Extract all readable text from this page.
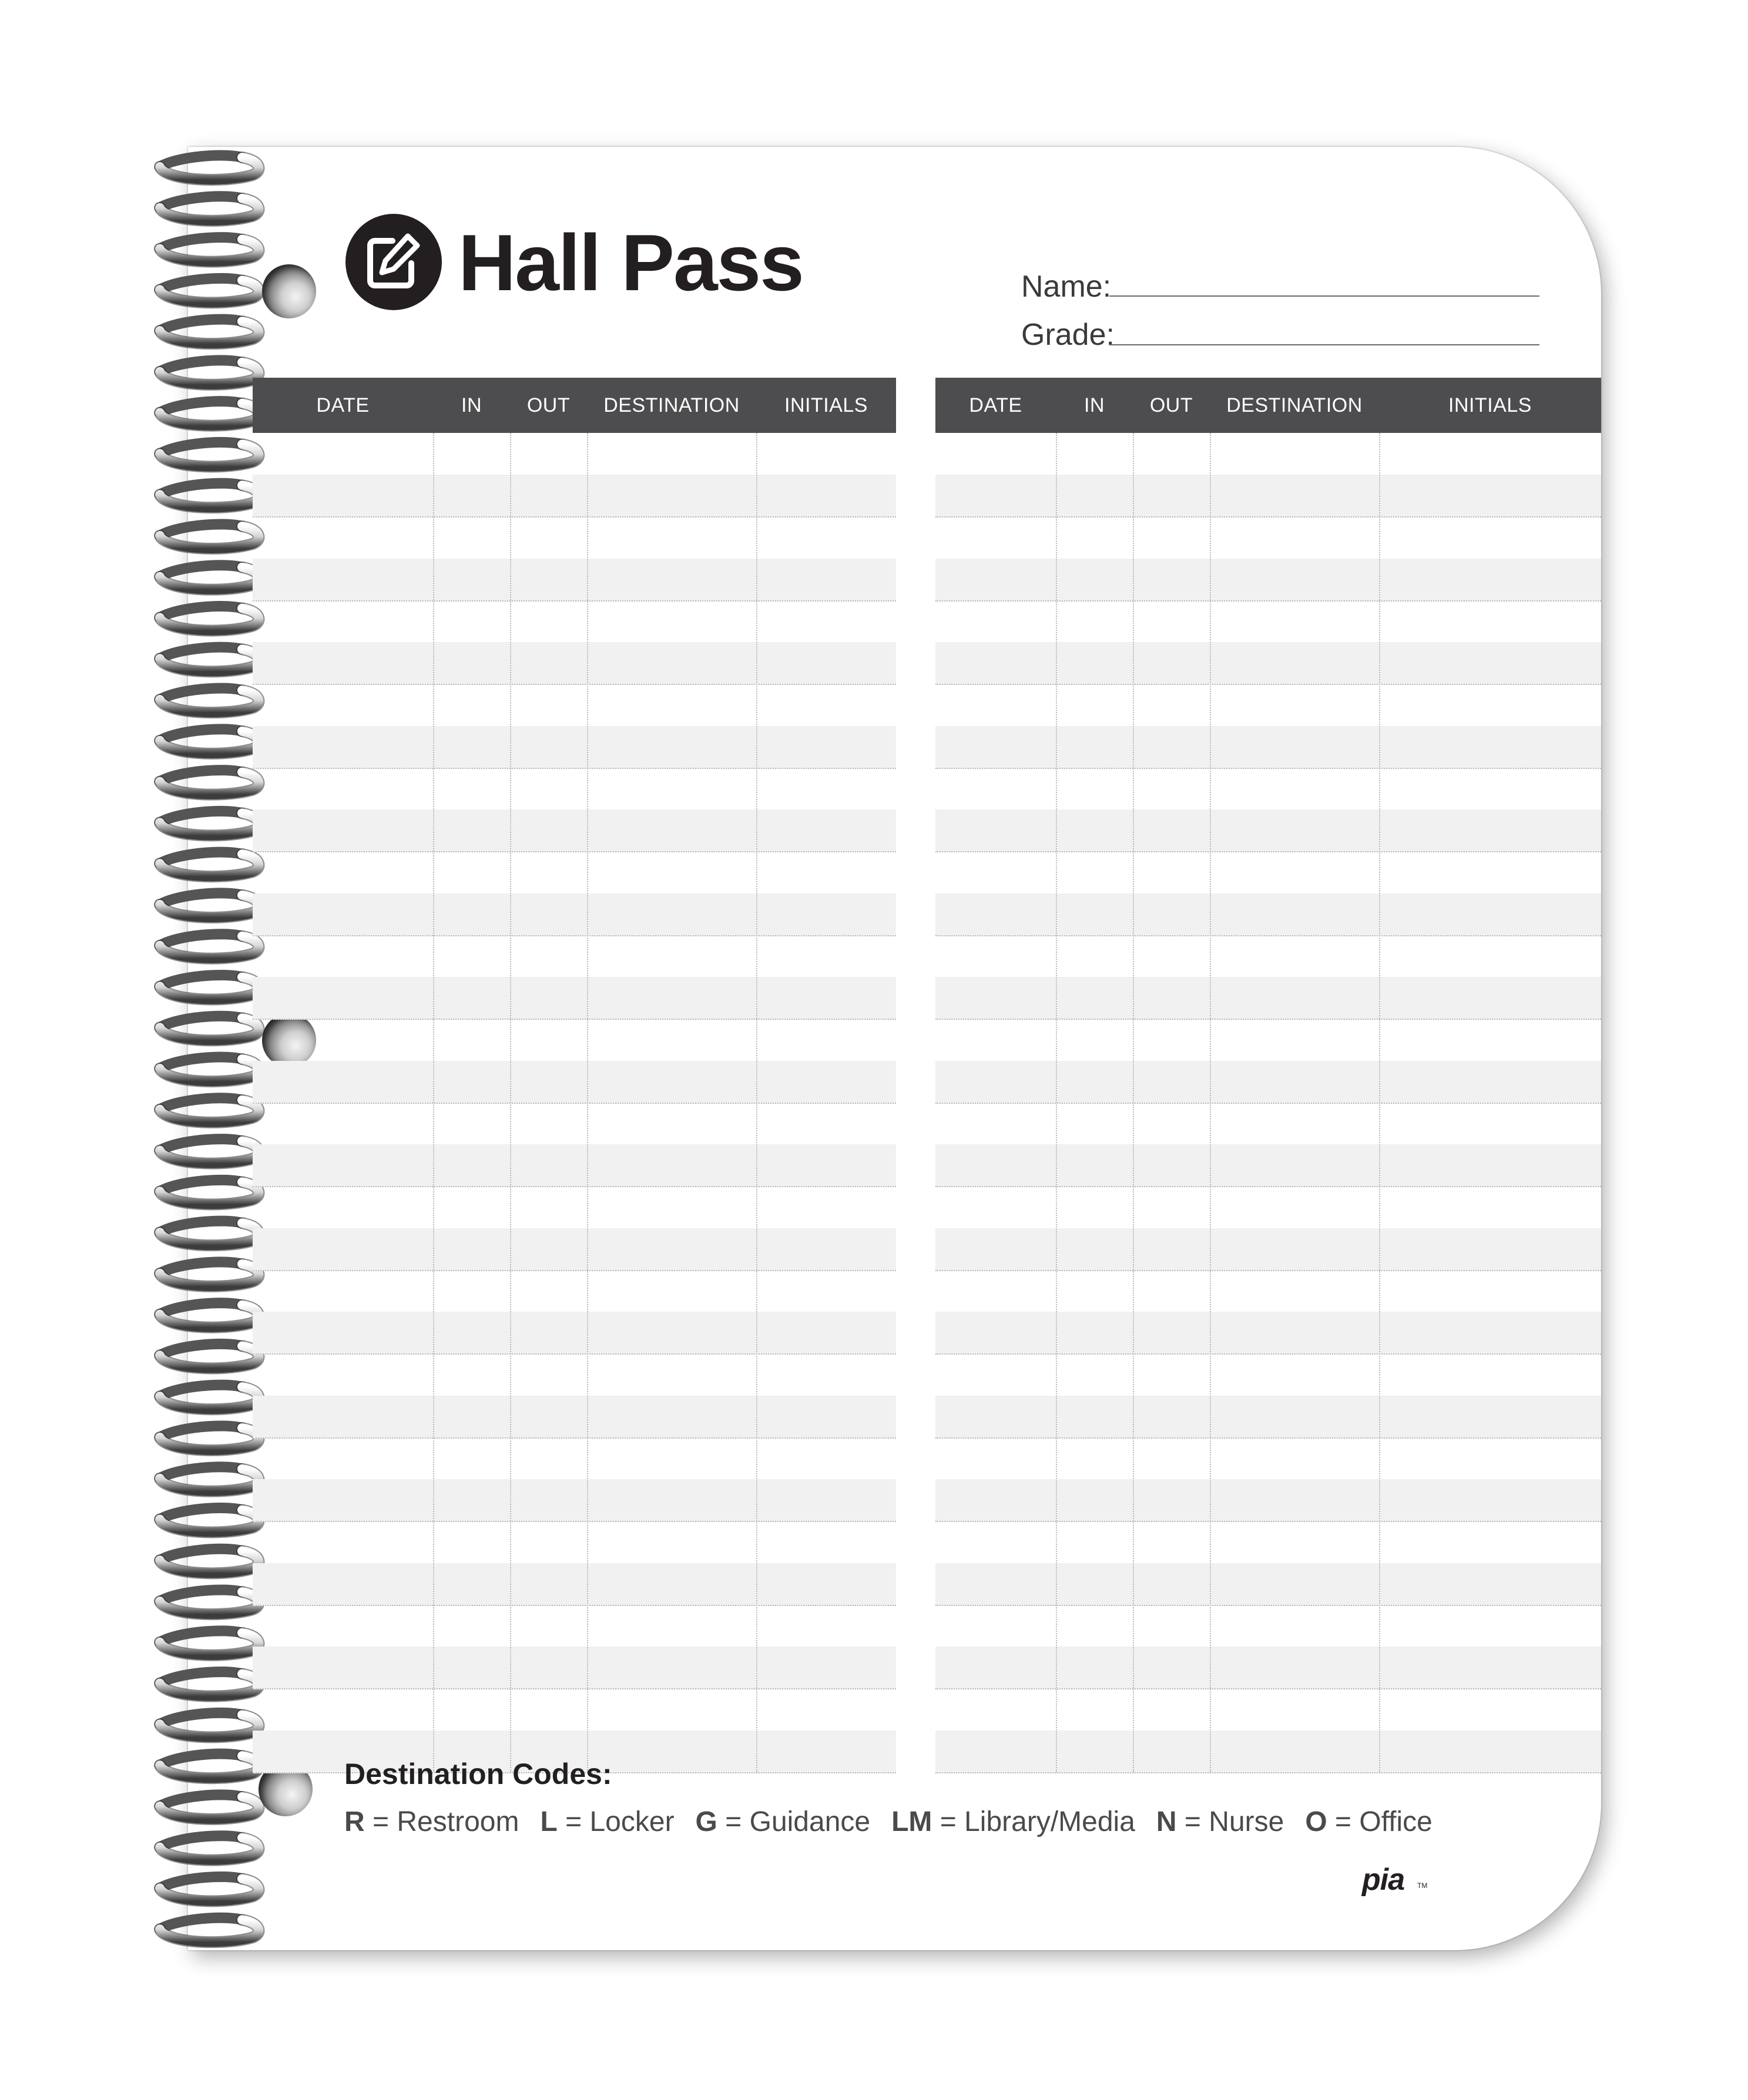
Hall Pass	Name:
Grade:
DATE	IN	OUT	DESTINATION	INITIALS	DATE	IN	OUT	DESTINATION	INITIALS
Destination Codes:
R = Restroom L = Locker G = Guidance LM = Library/Media N = Nurse O = Office
pia TM
